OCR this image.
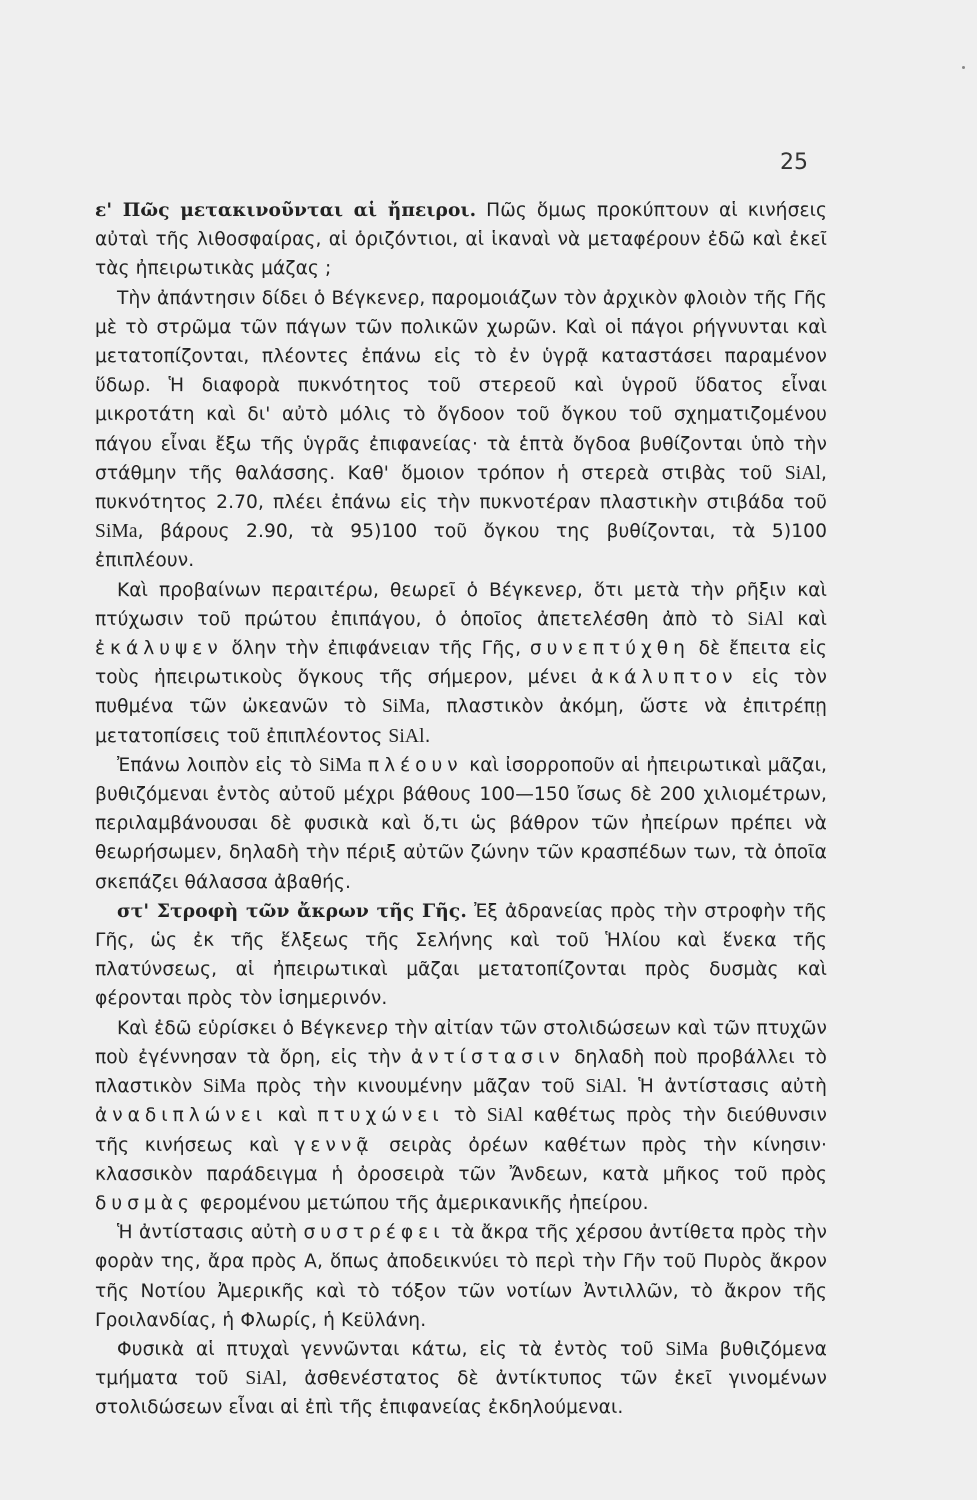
25

ε' Πῶς μετακινοῦνται αἱ ἤπειροι. Πῶς ὅμως προκύπτουν αἱ κινήσεις αὐταὶ τῆς λιθοσφαίρας, αἱ ὁριζόντιοι, αἱ ἱκαναὶ νὰ μεταφέρουν ἐδῶ καὶ ἐκεῖ τὰς ἠπειρωτικὰς μάζας ;

Τὴν ἀπάντησιν δίδει ὁ Βέγκενερ, παρομοιάζων τὸν ἀρχικὸν φλοιὸν τῆς Γῆς μὲ τὸ στρῶμα τῶν πάγων τῶν πολικῶν χωρῶν. Καὶ οἱ πάγοι ρήγνυνται καὶ μετατοπίζονται, πλέοντες ἐπάνω εἰς τὸ ἐν ὑγρᾷ καταστάσει παραμένον ὕδωρ. Ἡ διαφορὰ πυκνότητος τοῦ στερεοῦ καὶ ὑγροῦ ὕδατος εἶναι μικροτάτη καὶ δι' αὐτὸ μόλις τὸ ὄγδοον τοῦ ὄγκου τοῦ σχηματιζομένου πάγου εἶναι ἔξω τῆς ὑγρᾶς ἐπιφανείας· τὰ ἑπτὰ ὄγδοα βυθίζονται ὑπὸ τὴν στάθμην τῆς θαλάσσης. Καθ' ὅμοιον τρόπον ἡ στερεὰ στιβὰς τοῦ SiAl, πυκνότητος 2.70, πλέει ἐπάνω εἰς τὴν πυκνοτέραν πλαστικὴν στιβάδα τοῦ SiMa, βάρους 2.90, τὰ 95)100 τοῦ ὄγκου της βυθίζονται, τὰ 5)100 ἐπιπλέουν.

Καὶ προβαίνων περαιτέρω, θεωρεῖ ὁ Βέγκενερ, ὅτι μετὰ τὴν ρῆξιν καὶ πτύχωσιν τοῦ πρώτου ἐπιπάγου, ὁ ὁποῖος ἀπετελέσθη ἀπὸ τὸ SiAl καὶ ἐκάλυψεν ὅλην τὴν ἐπιφάνειαν τῆς Γῆς, συνεπτύχθη δὲ ἔπειτα εἰς τοὺς ἠπειρωτικοὺς ὄγκους τῆς σήμερον, μένει ἀκάλυπτον εἰς τὸν πυθμένα τῶν ὠκεανῶν τὸ SiMa, πλαστικὸν ἀκόμη, ὥστε νὰ ἐπιτρέπῃ μετατοπίσεις τοῦ ἐπιπλέοντος SiAl.

Ἐπάνω λοιπὸν εἰς τὸ SiMa πλέουν καὶ ἰσορροποῦν αἱ ἠπειρωτικαὶ μᾶζαι, βυθιζόμεναι ἐντὸς αὐτοῦ μέχρι βάθους 100—150 ἴσως δὲ 200 χιλιομέτρων, περιλαμβάνουσαι δὲ φυσικὰ καὶ ὅ,τι ὡς βάθρον τῶν ἠπείρων πρέπει νὰ θεωρήσωμεν, δηλαδὴ τὴν πέριξ αὐτῶν ζώνην τῶν κρασπέδων των, τὰ ὁποῖα σκεπάζει θάλασσα ἀβαθής.

στ' Στροφὴ τῶν ἄκρων τῆς Γῆς. Ἐξ ἀδρανείας πρὸς τὴν στροφὴν τῆς Γῆς, ὡς ἐκ τῆς ἕλξεως τῆς Σελήνης καὶ τοῦ Ἡλίου καὶ ἕνεκα τῆς πλατύνσεως, αἱ ἠπειρωτικαὶ μᾶζαι μετατοπίζονται πρὸς δυσμὰς καὶ φέρονται πρὸς τὸν ἰσημερινόν.

Καὶ ἐδῶ εὑρίσκει ὁ Βέγκενερ τὴν αἰτίαν τῶν στολιδώσεων καὶ τῶν πτυχῶν ποὺ ἐγέννησαν τὰ ὄρη, εἰς τὴν ἀντίστασιν δηλαδὴ ποὺ προβάλλει τὸ πλαστικὸν SiMa πρὸς τὴν κινουμένην μᾶζαν τοῦ SiAl. Ἡ ἀντίστασις αὐτὴ ἀναδιπλώνει καὶ πτυχώνει τὸ SiAl καθέτως πρὸς τὴν διεύθυνσιν τῆς κινήσεως καὶ γεννᾷ σειρὰς ὀρέων καθέτων πρὸς τὴν κίνησιν· κλασσικὸν παράδειγμα ἡ ὀροσειρὰ τῶν Ἄνδεων, κατὰ μῆκος τοῦ πρὸς δυσμὰς φερομένου μετώπου τῆς ἀμερικανικῆς ἠπείρου.

Ἡ ἀντίστασις αὐτὴ συστρέφει τὰ ἄκρα τῆς χέρσου ἀντίθετα πρὸς τὴν φορὰν της, ἄρα πρὸς Α, ὅπως ἀποδεικνύει τὸ περὶ τὴν Γῆν τοῦ Πυρὸς ἄκρον τῆς Νοτίου Ἀμερικῆς καὶ τὸ τόξον τῶν νοτίων Ἀντιλλῶν, τὸ ἄκρον τῆς Γροιλανδίας, ἡ Φλωρίς, ἡ Κεϋλάνη.

Φυσικὰ αἱ πτυχαὶ γεννῶνται κάτω, εἰς τὰ ἐντὸς τοῦ SiMa βυθιζόμενα τμήματα τοῦ SiAl, ἀσθενέστατος δὲ ἀντίκτυπος τῶν ἐκεῖ γινομένων στολιδώσεων εἶναι αἱ ἐπὶ τῆς ἐπιφανείας ἐκδηλούμεναι.
